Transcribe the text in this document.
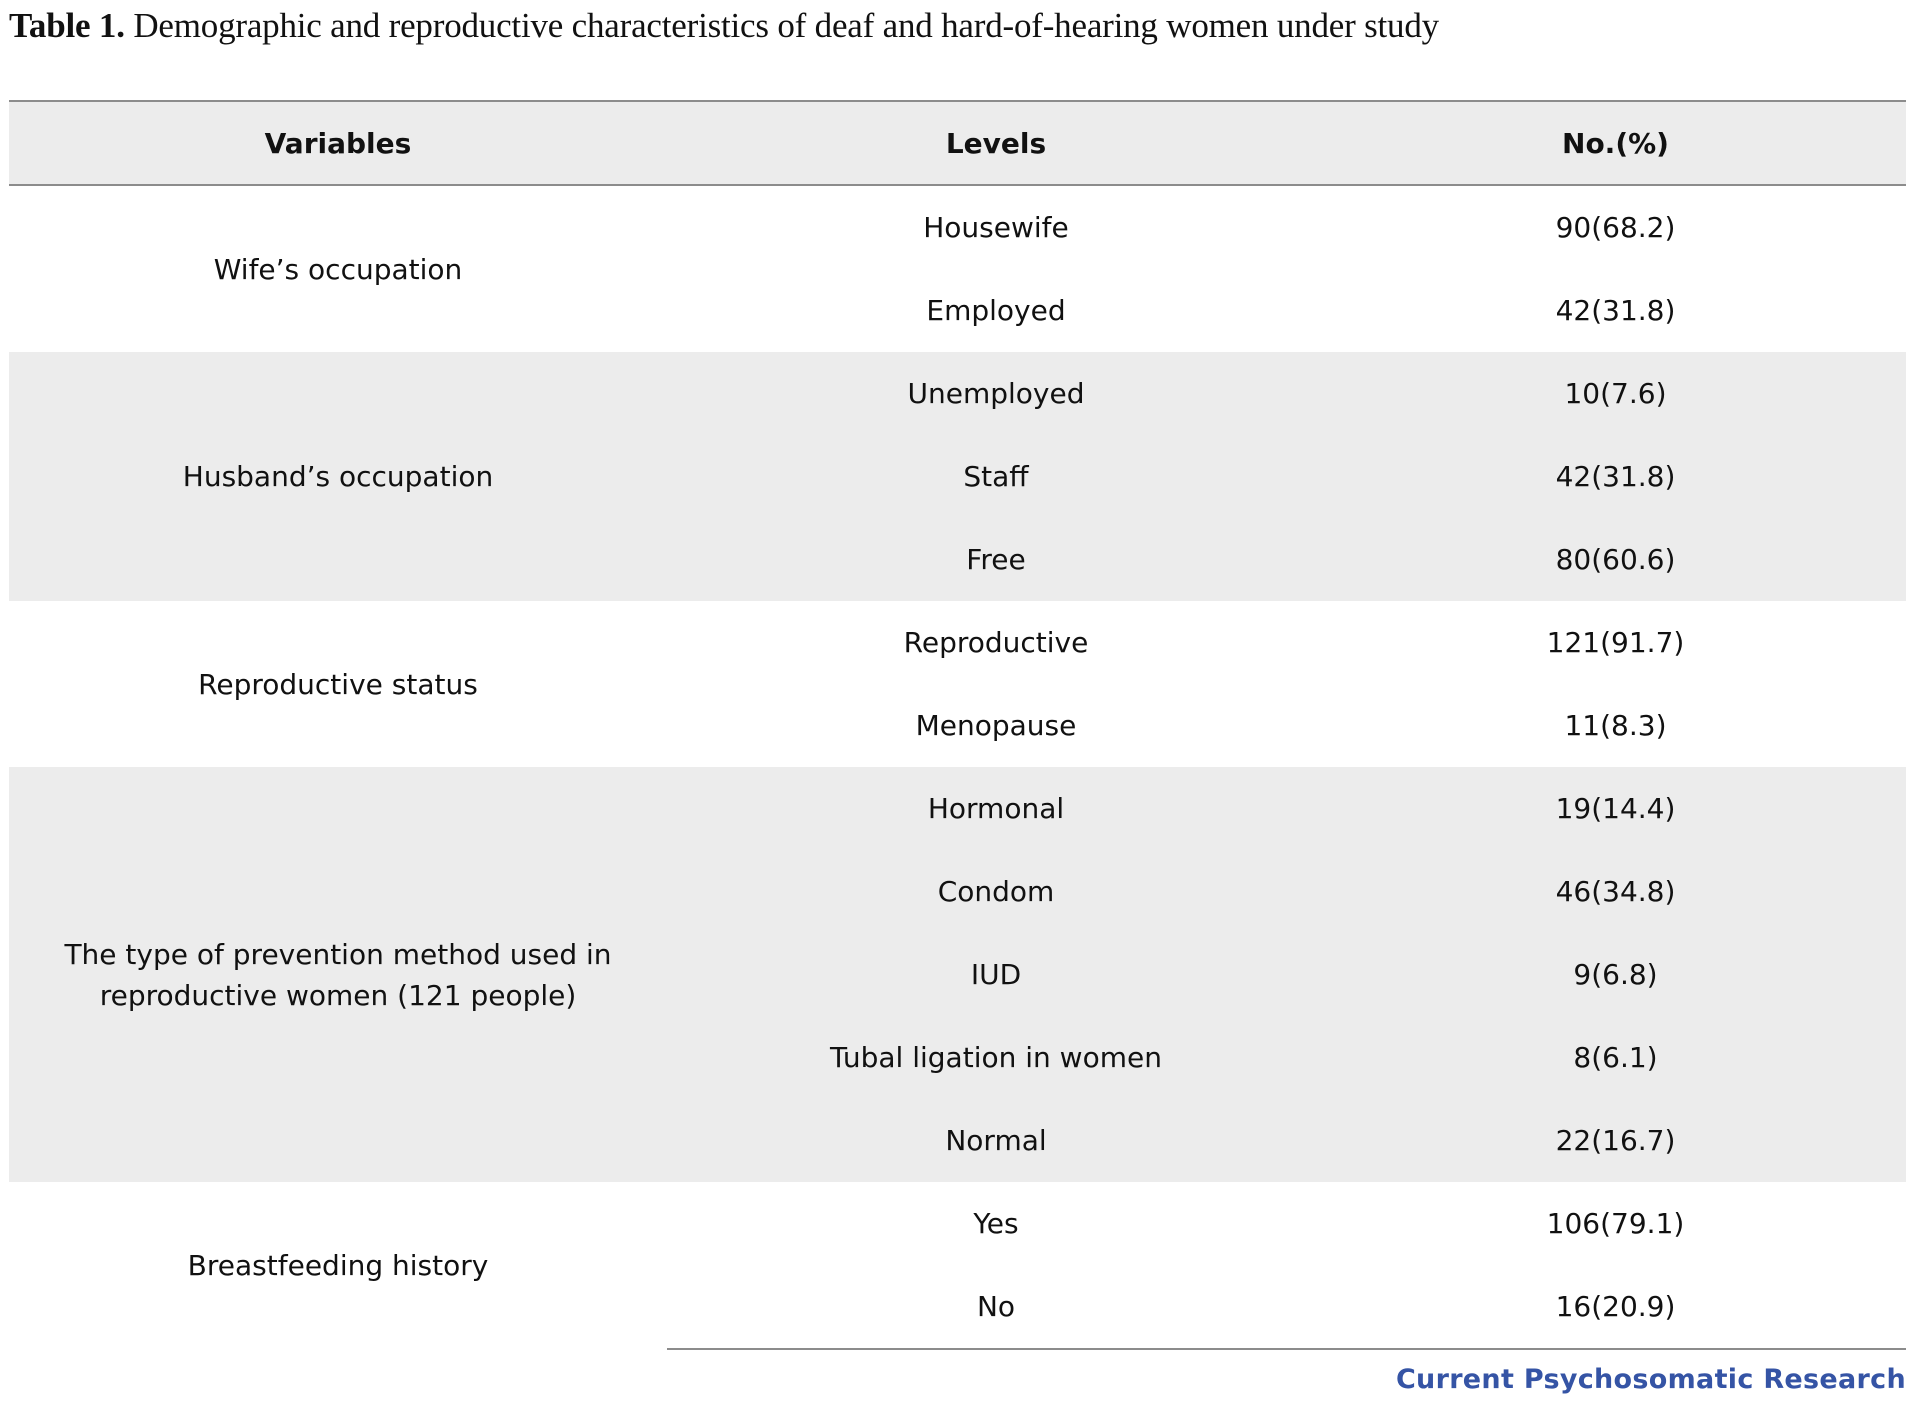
Table 1. Demographic and reproductive characteristics of deaf and hard-of-hearing women under study
Variables	Levels	No.(%)
Wife’s occupation	Housewife	90(68.2)
	Employed	42(31.8)
Husband’s occupation	Unemployed	10(7.6)
	Staff	42(31.8)
	Free	80(60.6)
Reproductive status	Reproductive	121(91.7)
	Menopause	11(8.3)
The type of prevention method used in reproductive women (121 people)	Hormonal	19(14.4)
	Condom	46(34.8)
	IUD	9(6.8)
	Tubal ligation in women	8(6.1)
	Normal	22(16.7)
Breastfeeding history	Yes	106(79.1)
	No	16(20.9)
Current Psychosomatic Research
